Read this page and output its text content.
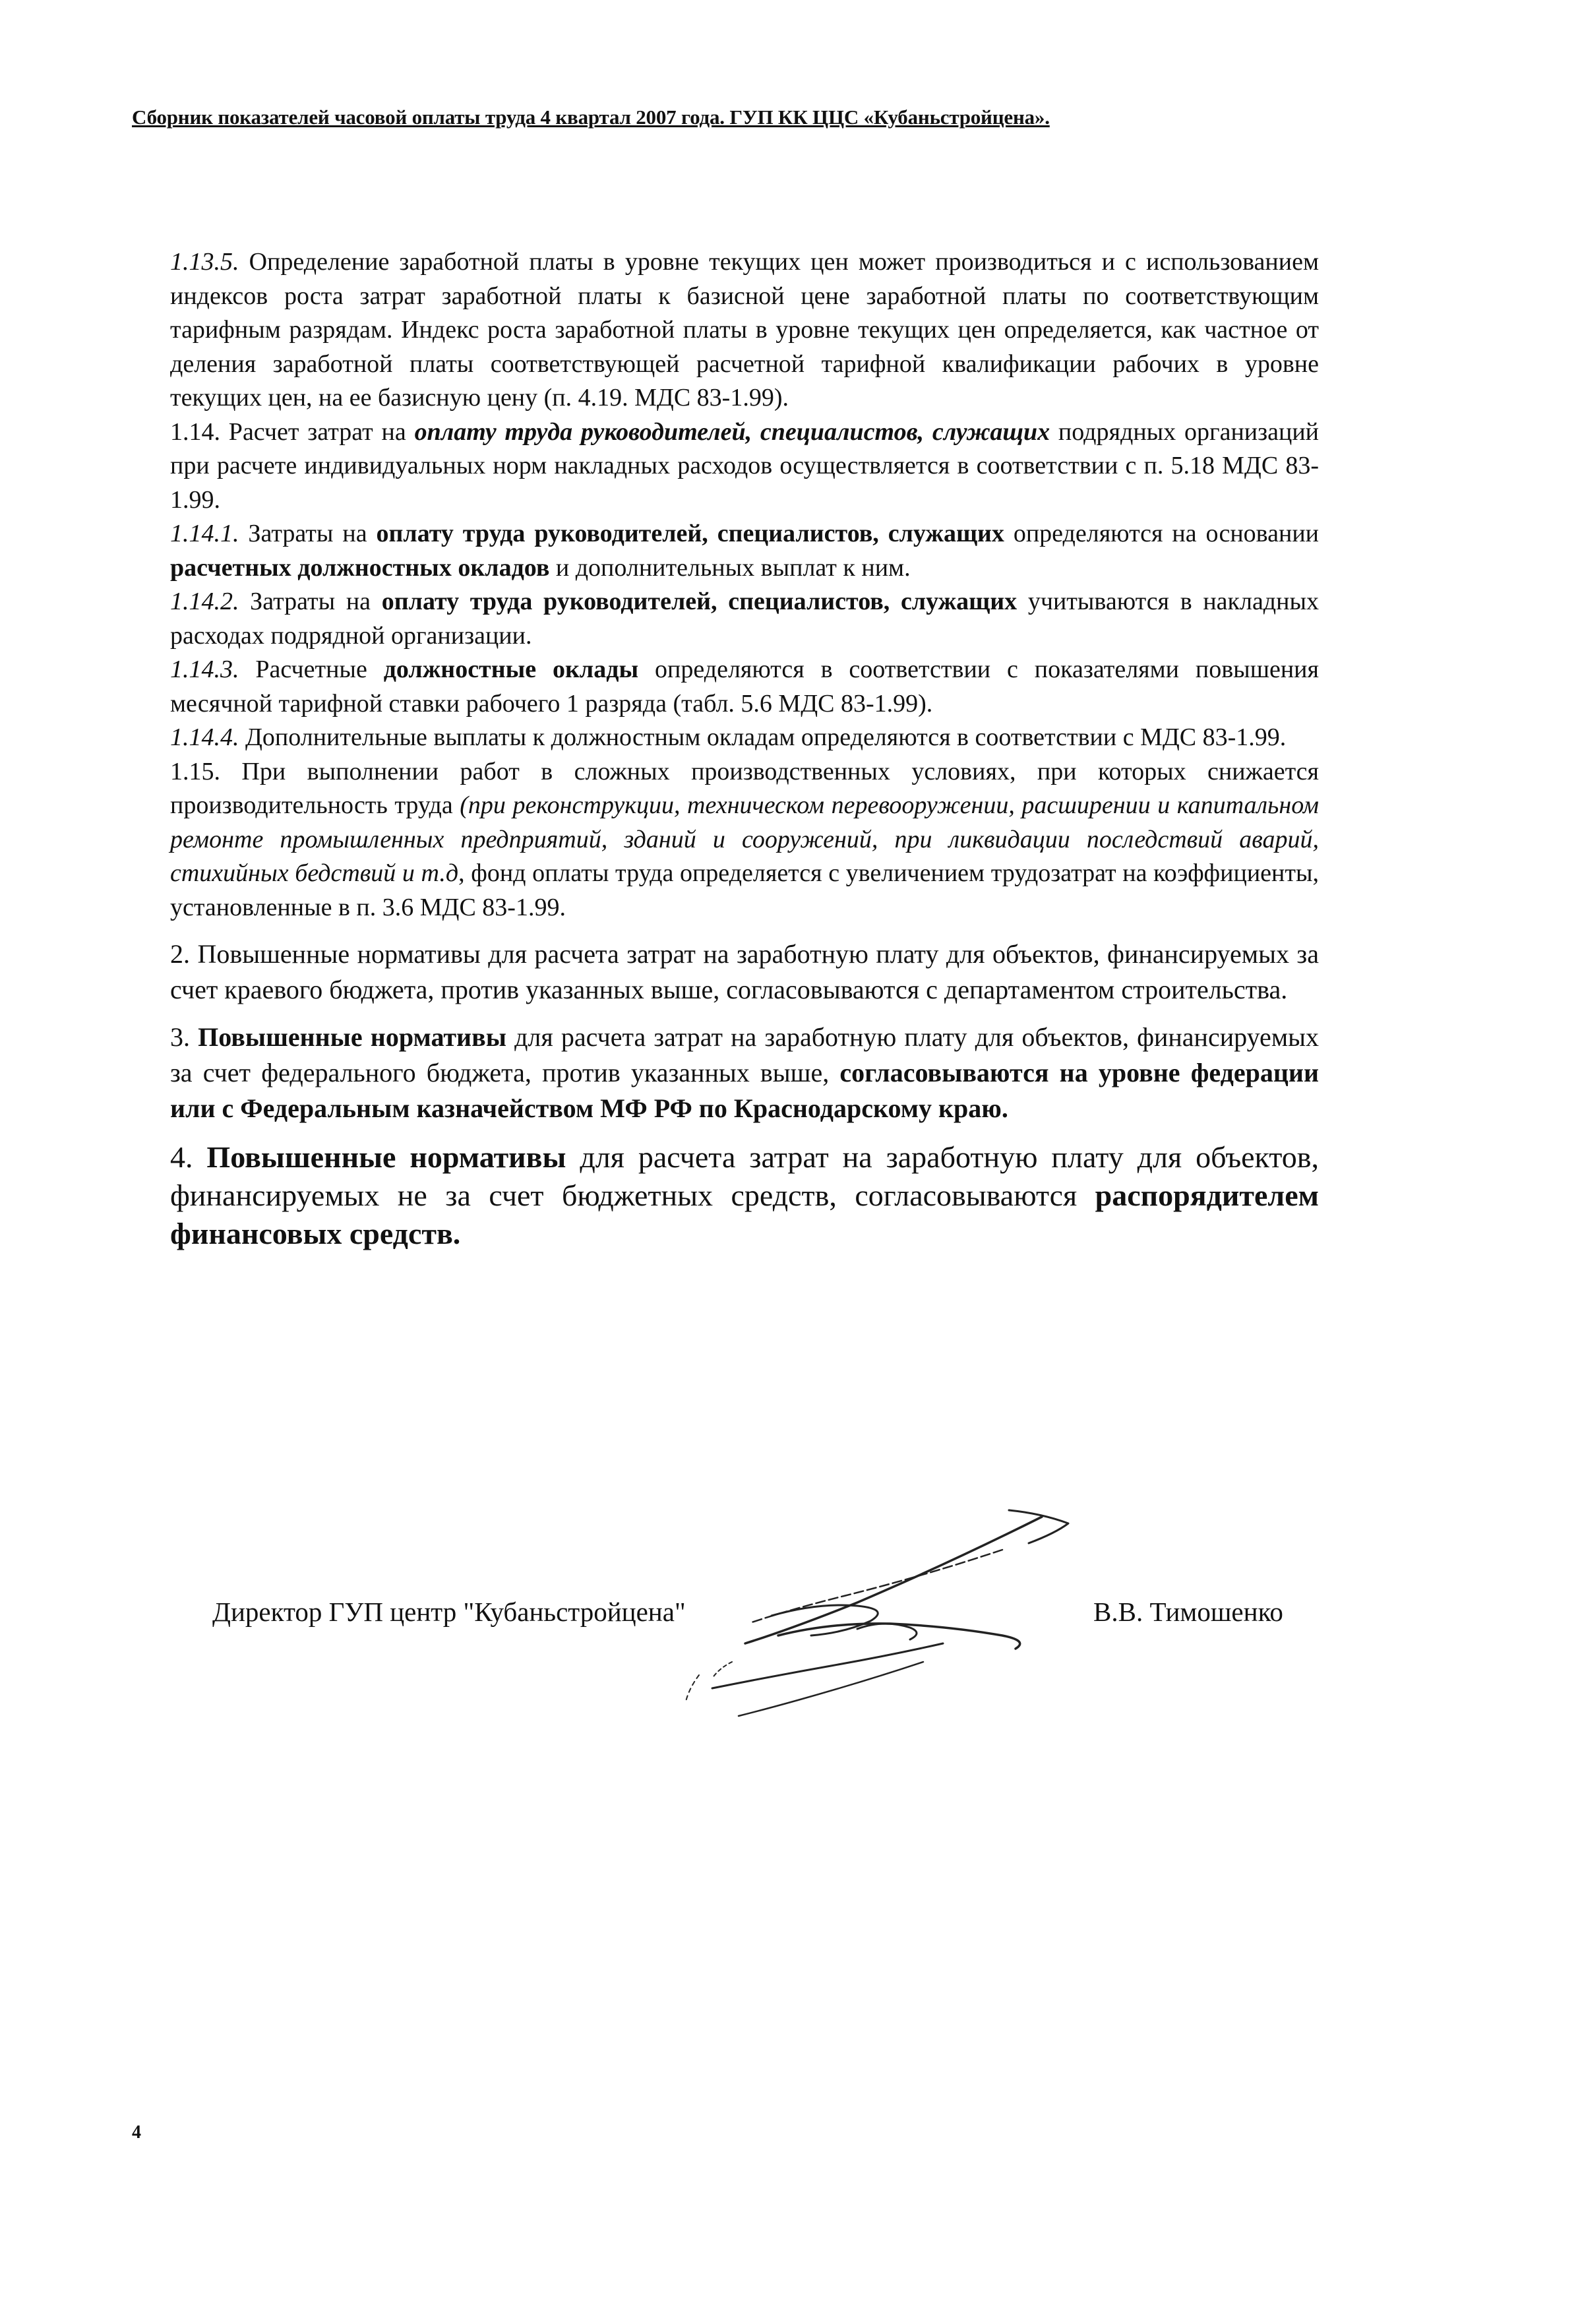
Сборник показателей часовой оплаты труда 4 квартал 2007 года. ГУП КК ЦЦС «Кубаньстройцена».

1.13.5. Определение заработной платы в уровне текущих цен может производиться и с использованием индексов роста затрат заработной платы к базисной цене заработной платы по соответствующим тарифным разрядам. Индекс роста заработной платы в уровне текущих цен определяется, как частное от деления заработной платы соответствующей расчетной тарифной квалификации рабочих в уровне текущих цен, на ее базисную цену (п. 4.19. МДС 83-1.99).

1.14. Расчет затрат на оплату труда руководителей, специалистов, служащих подрядных организаций при расчете индивидуальных норм накладных расходов осуществляется в соответствии с п. 5.18 МДС 83-1.99.

1.14.1. Затраты на оплату труда руководителей, специалистов, служащих определяются на основании расчетных должностных окладов и дополнительных выплат к ним.

1.14.2. Затраты на оплату труда руководителей, специалистов, служащих учитываются в накладных расходах подрядной организации.

1.14.3. Расчетные должностные оклады определяются в соответствии с показателями повышения месячной тарифной ставки рабочего 1 разряда (табл. 5.6 МДС 83-1.99).

1.14.4. Дополнительные выплаты к должностным окладам определяются в соответствии с МДС 83-1.99.

1.15. При выполнении работ в сложных производственных условиях, при которых снижается производительность труда (при реконструкции, техническом перевооружении, расширении и капитальном ремонте промышленных предприятий, зданий и сооружений, при ликвидации последствий аварий, стихийных бедствий и т.д, фонд оплаты труда определяется с увеличением трудозатрат на коэффициенты, установленные в п. 3.6 МДС 83-1.99.

2. Повышенные нормативы для расчета затрат на заработную плату для объектов, финансируемых за счет краевого бюджета, против указанных выше, согласовываются с департаментом строительства.

3. Повышенные нормативы для расчета затрат на заработную плату для объектов, финансируемых за счет федерального бюджета, против указанных выше, согласовываются на уровне федерации или с Федеральным казначейством МФ РФ по Краснодарскому краю.

4. Повышенные нормативы для расчета затрат на заработную плату для объектов, финансируемых не за счет бюджетных средств, согласовываются распорядителем финансовых средств.

Директор ГУП центр "Кубаньстройцена"	В.В. Тимошенко
4
